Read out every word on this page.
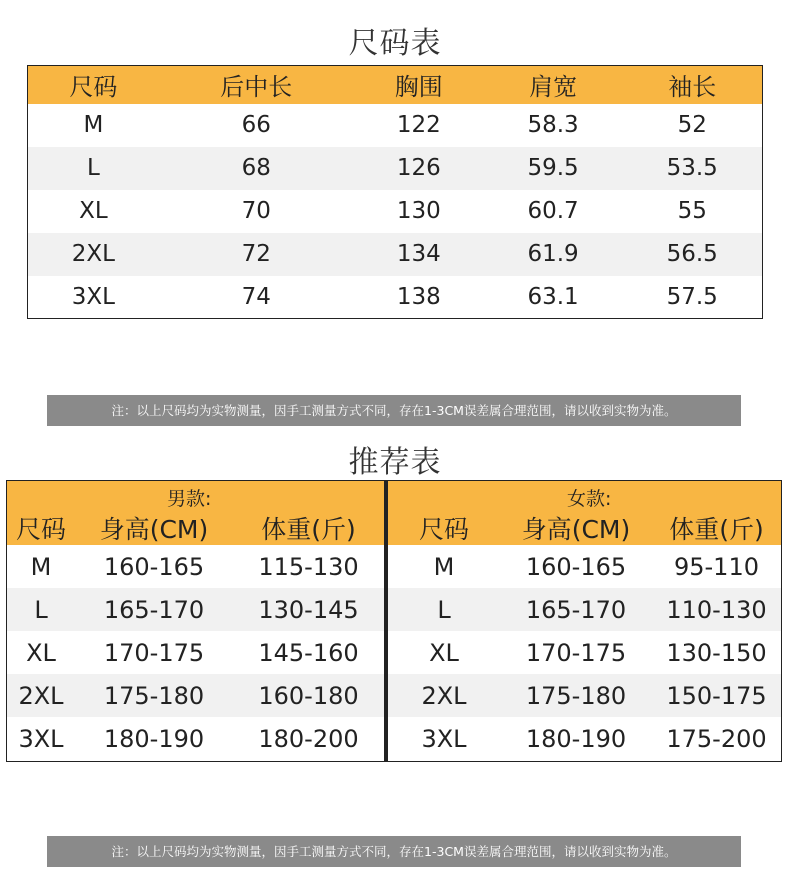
尺码表
尺码	后中长	胸围	肩宽	袖长
M	66	122	58.3	52
L	68	126	59.5	53.5
XL	70	130	60.7	55
2XL	72	134	61.9	56.5
3XL	74	138	63.1	57.5
注：以上尺码均为实物测量，因手工测量方式不同，存在1-3CM误差属合理范围，请以收到实物为准。
推荐表
男款:
尺码	身高(CM)	体重(斤)
M	160-165	115-130
L	165-170	130-145
XL	170-175	145-160
2XL	175-180	160-180
3XL	180-190	180-200
女款:
尺码	身高(CM)	体重(斤)
M	160-165	95-110
L	165-170	110-130
XL	170-175	130-150
2XL	175-180	150-175
3XL	180-190	175-200
注：以上尺码均为实物测量，因手工测量方式不同，存在1-3CM误差属合理范围，请以收到实物为准。
